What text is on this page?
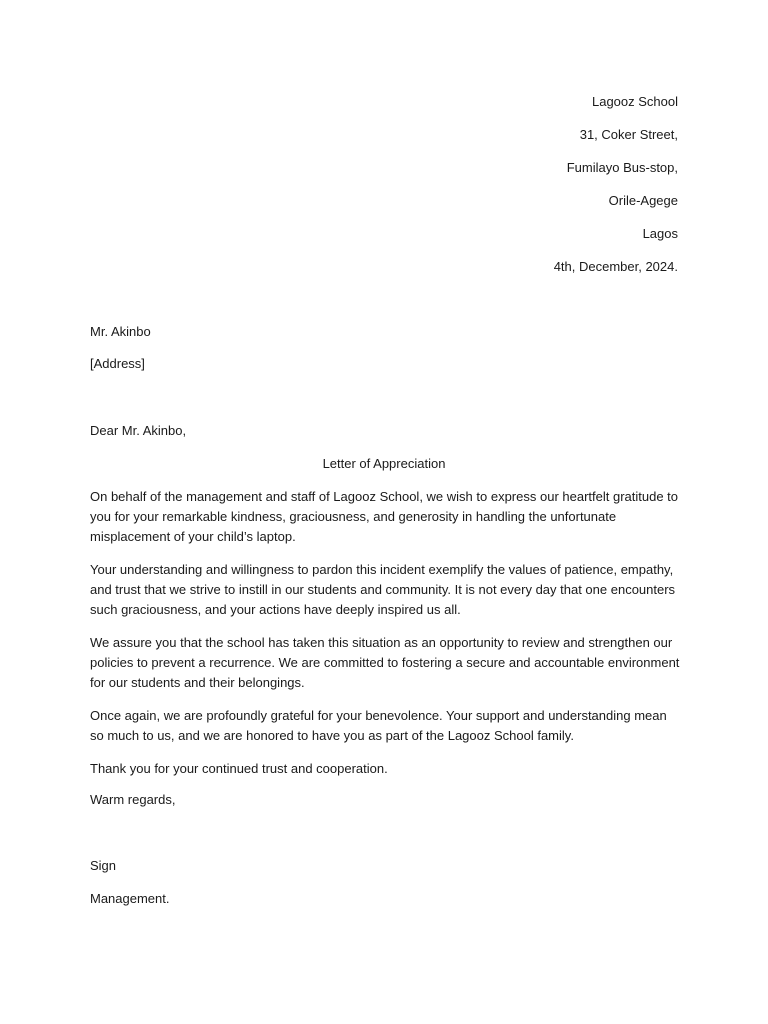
Lagooz School
31, Coker Street,
Fumilayo Bus-stop,
Orile-Agege
Lagos
4th, December, 2024.
Mr. Akinbo
[Address]
Dear Mr. Akinbo,
Letter of Appreciation

On behalf of the management and staff of Lagooz School, we wish to express our heartfelt gratitude to you for your remarkable kindness, graciousness, and generosity in handling the unfortunate misplacement of your child’s laptop.

Your understanding and willingness to pardon this incident exemplify the values of patience, empathy, and trust that we strive to instill in our students and community. It is not every day that one encounters such graciousness, and your actions have deeply inspired us all.

We assure you that the school has taken this situation as an opportunity to review and strengthen our policies to prevent a recurrence. We are committed to fostering a secure and accountable environment for our students and their belongings.

Once again, we are profoundly grateful for your benevolence. Your support and understanding mean so much to us, and we are honored to have you as part of the Lagooz School family.

Thank you for your continued trust and cooperation.

Warm regards,
Sign
Management.
